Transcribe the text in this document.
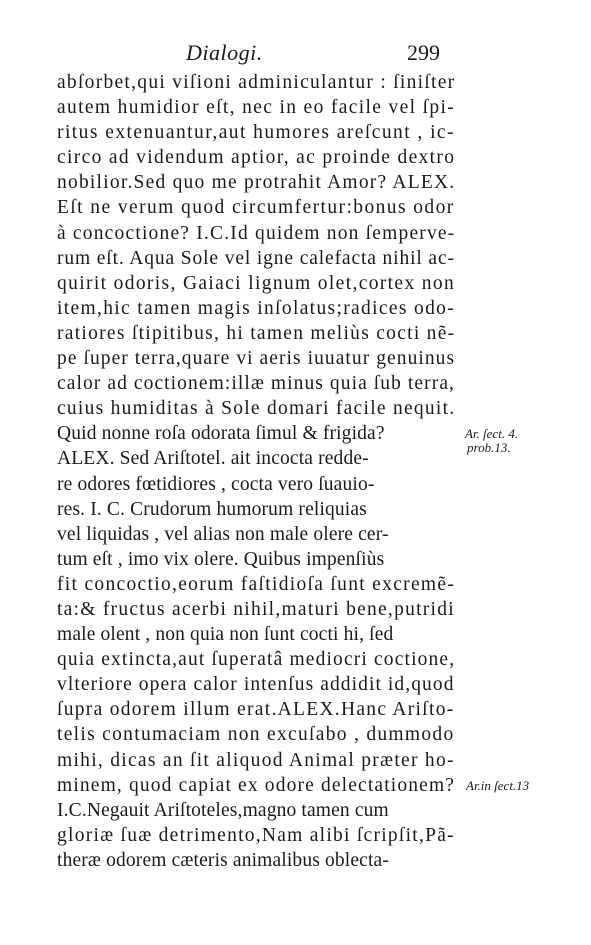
Dialogi.	299
abſorbet,qui viſioni adminiculantur : ſiniſter
autem humidior eſt, nec in eo facile vel ſpi-
ritus extenuantur,aut humores areſcunt , ic-
circo ad videndum aptior, ac proinde dextro
nobilior.Sed quo me protrahit Amor? ALEX.
Eſt ne verum quod circumfertur:bonus odor
à concoctione? I.C.Id quidem non ſemperve-
rum eſt. Aqua Sole vel igne calefacta nihil ac-
quirit odoris, Gaiaci lignum olet,cortex non
item,hic tamen magis inſolatus;radices odo-
ratiores ſtipitibus, hi tamen meliùs cocti nẽ-
pe ſuper terra,quare vi aeris iuuatur genuinus
calor ad coctionem:illæ minus quia ſub terra,
cuius humiditas à Sole domari facile nequit.
Quid nonne roſa odorata ſimul & frigida?
ALEX. Sed Ariſtotel. ait incocta redde-
re odores fœtidiores , cocta vero ſuauio-
res. I. C. Crudorum humorum reliquias
vel liquidas , vel alias non male olere cer-
tum eſt , imo vix olere. Quibus impenſiùs
fit concoctio,eorum faſtidioſa ſunt excremẽ-
ta:& fructus acerbi nihil,maturi bene,putridi
male olent , non quia non ſunt cocti hi, ſed
quia extincta,aut ſuperatâ mediocri coctione,
vlteriore opera calor intenſus addidit id,quod
ſupra odorem illum erat.ALEX.Hanc Ariſto-
telis contumaciam non excuſabo , dummodo
mihi, dicas an ſit aliquod Animal præter ho-
minem, quod capiat ex odore delectationem?
I.C.Negauit Ariſtoteles,magno tamen cum
gloriæ ſuæ detrimento,Nam alibi ſcripſit,Pã-
theræ odorem cæteris animalibus oblecta-
Ar. ſect. 4.
prob.13.
Ar.in ſect.13
